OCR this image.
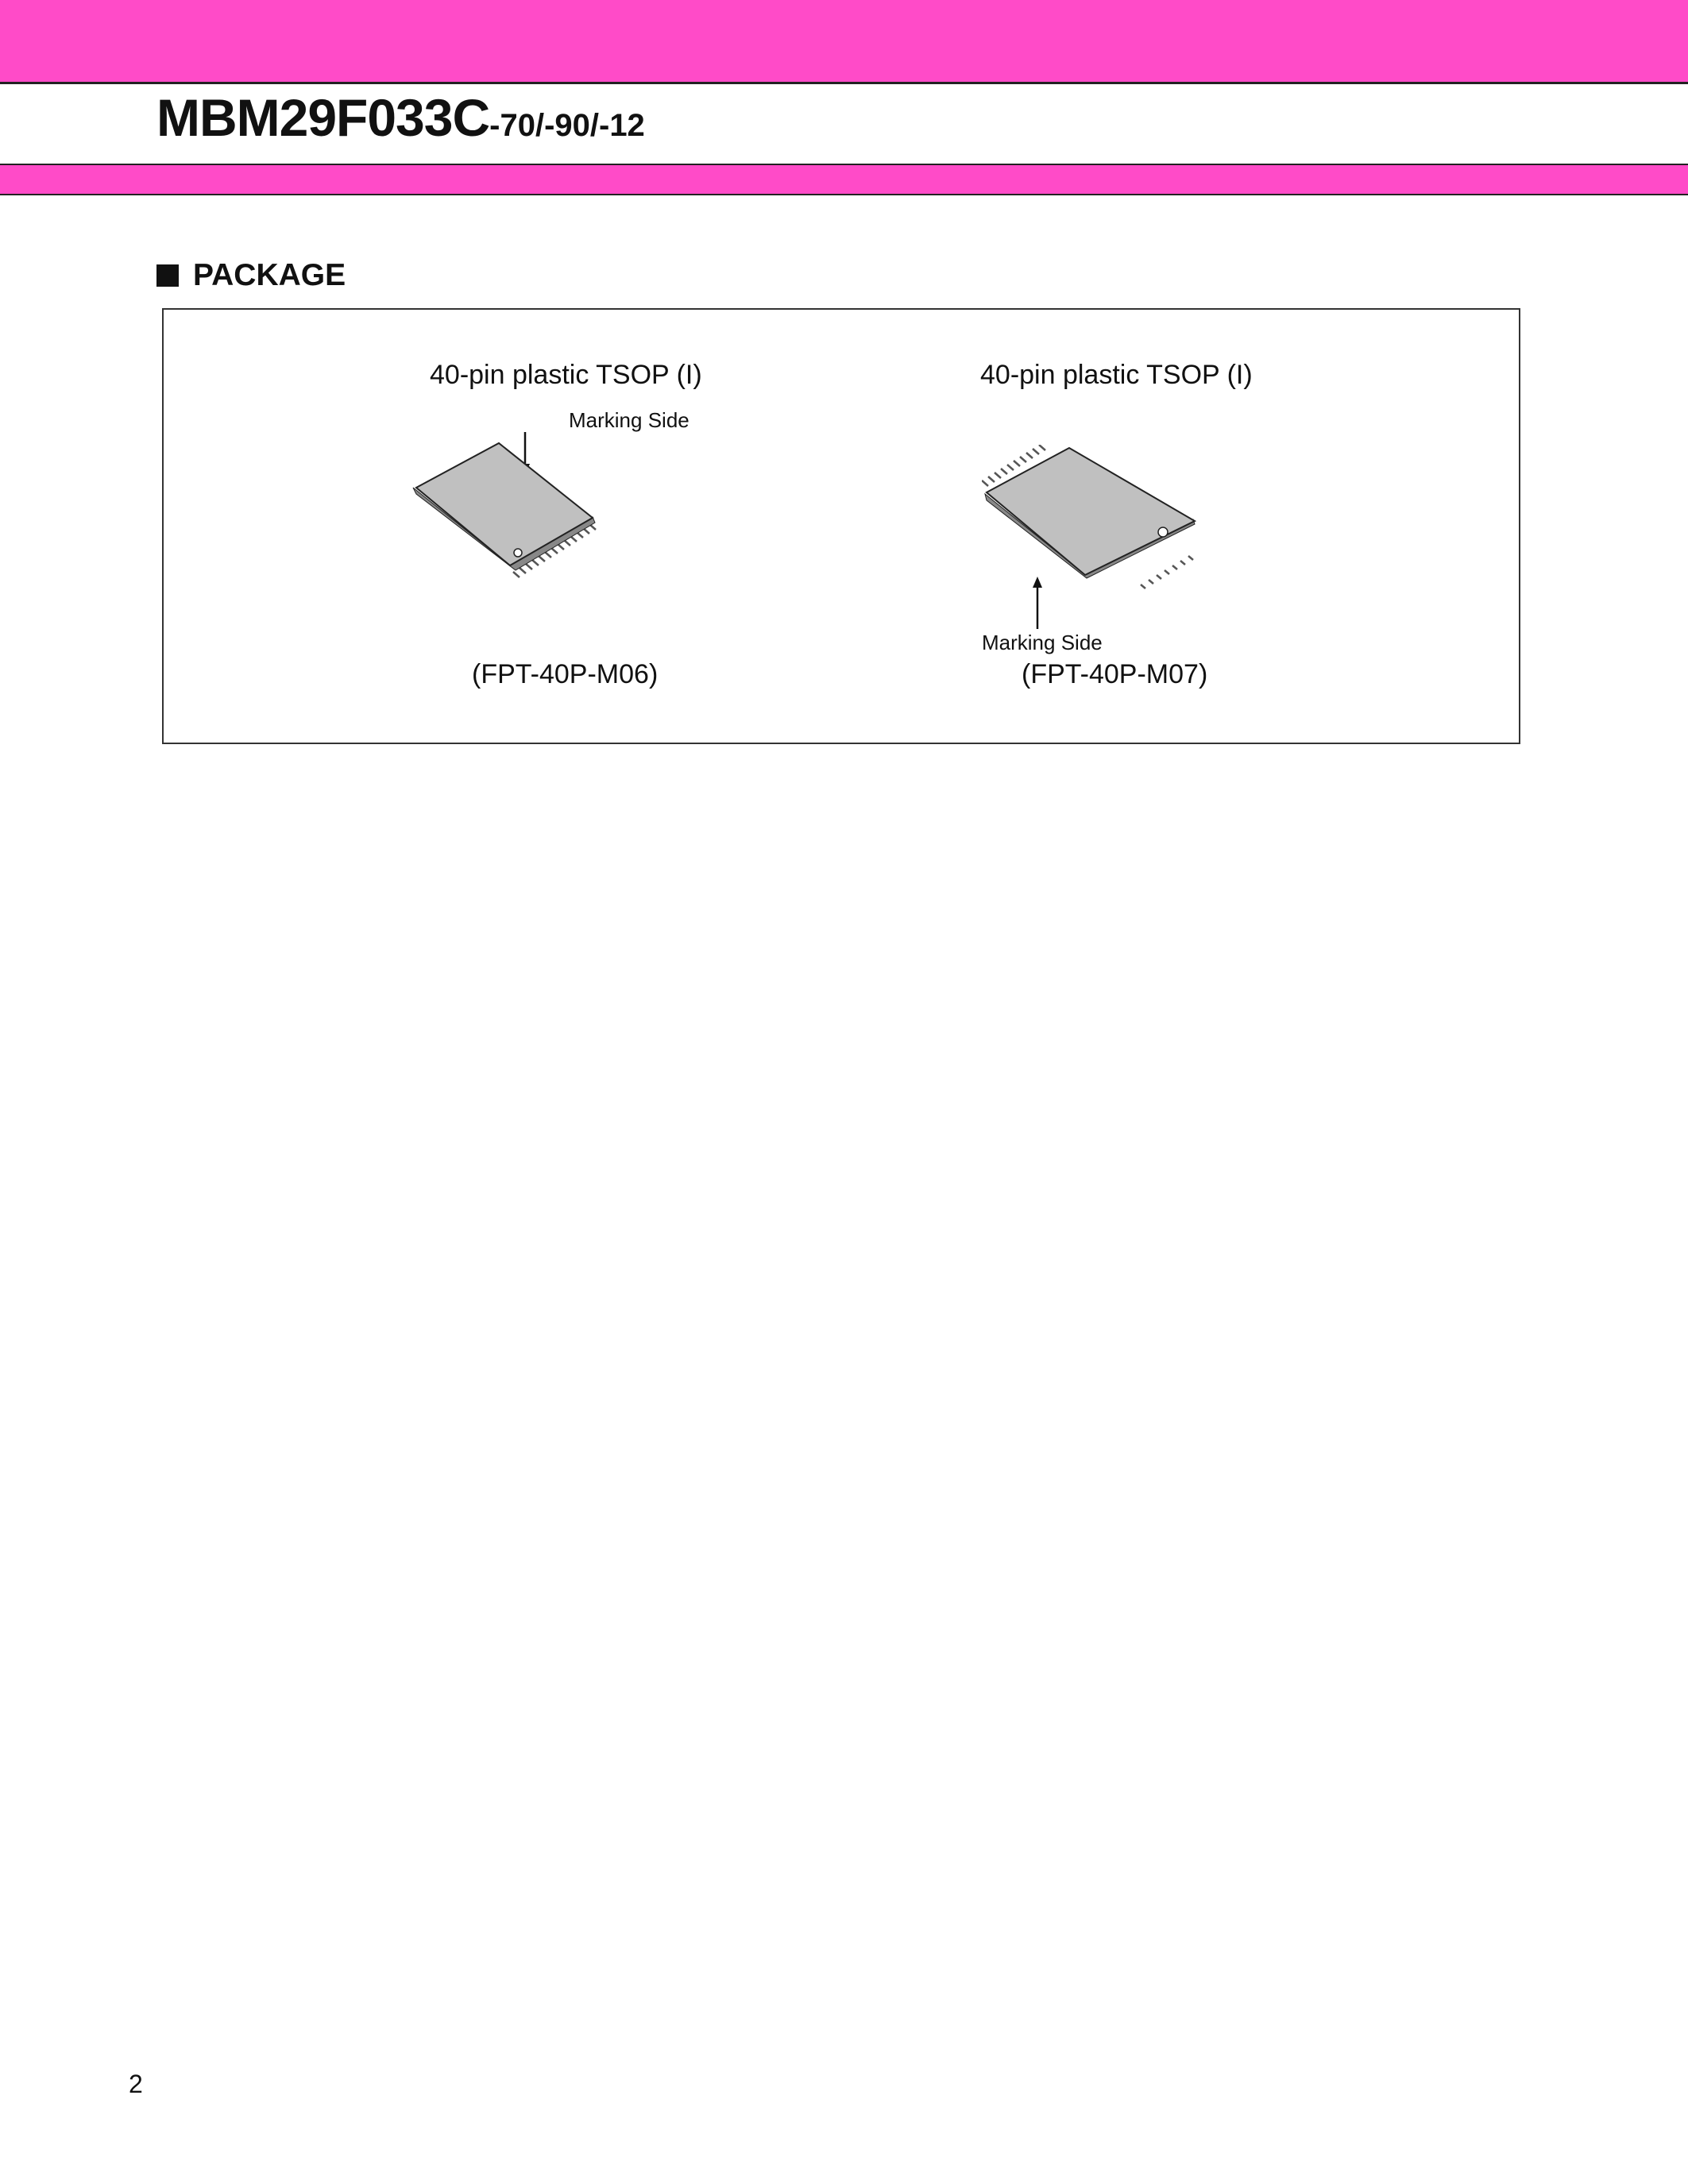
MBM29F033C -70/-90/-12
PACKAGE
40-pin plastic TSOP (I)
Marking Side
(FPT-40P-M06)
40-pin plastic TSOP (I)
Marking Side
(FPT-40P-M07)
2
